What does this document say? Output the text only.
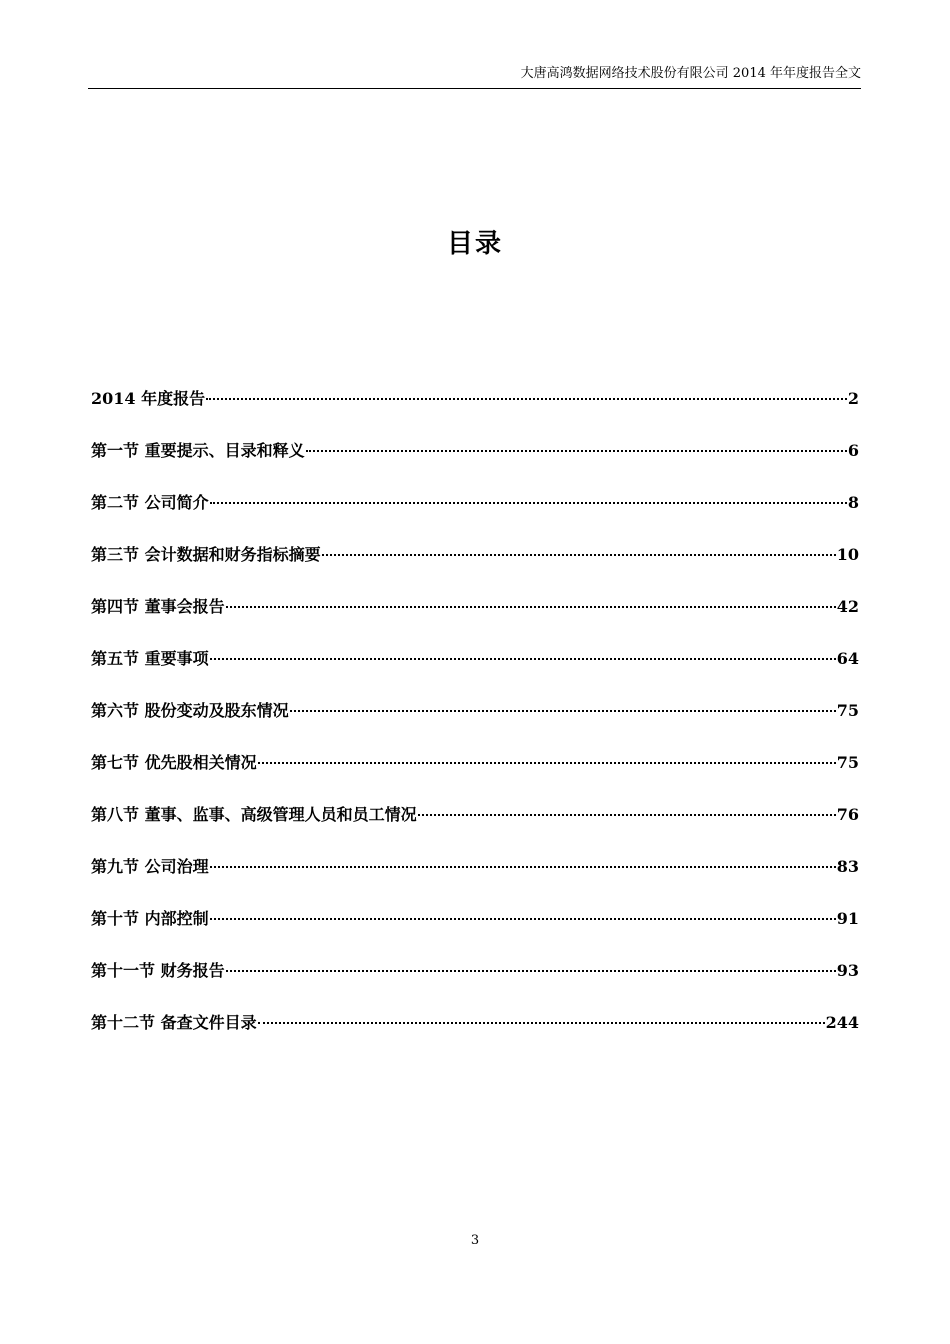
大唐高鸿数据网络技术股份有限公司 2014 年年度报告全文
目录
2014 年度报告	2
第一节 重要提示、目录和释义	6
第二节 公司简介	8
第三节 会计数据和财务指标摘要	10
第四节 董事会报告	42
第五节 重要事项	64
第六节 股份变动及股东情况	75
第七节 优先股相关情况	75
第八节 董事、监事、高级管理人员和员工情况	76
第九节 公司治理	83
第十节 内部控制	91
第十一节 财务报告	93
第十二节 备查文件目录	244
3
